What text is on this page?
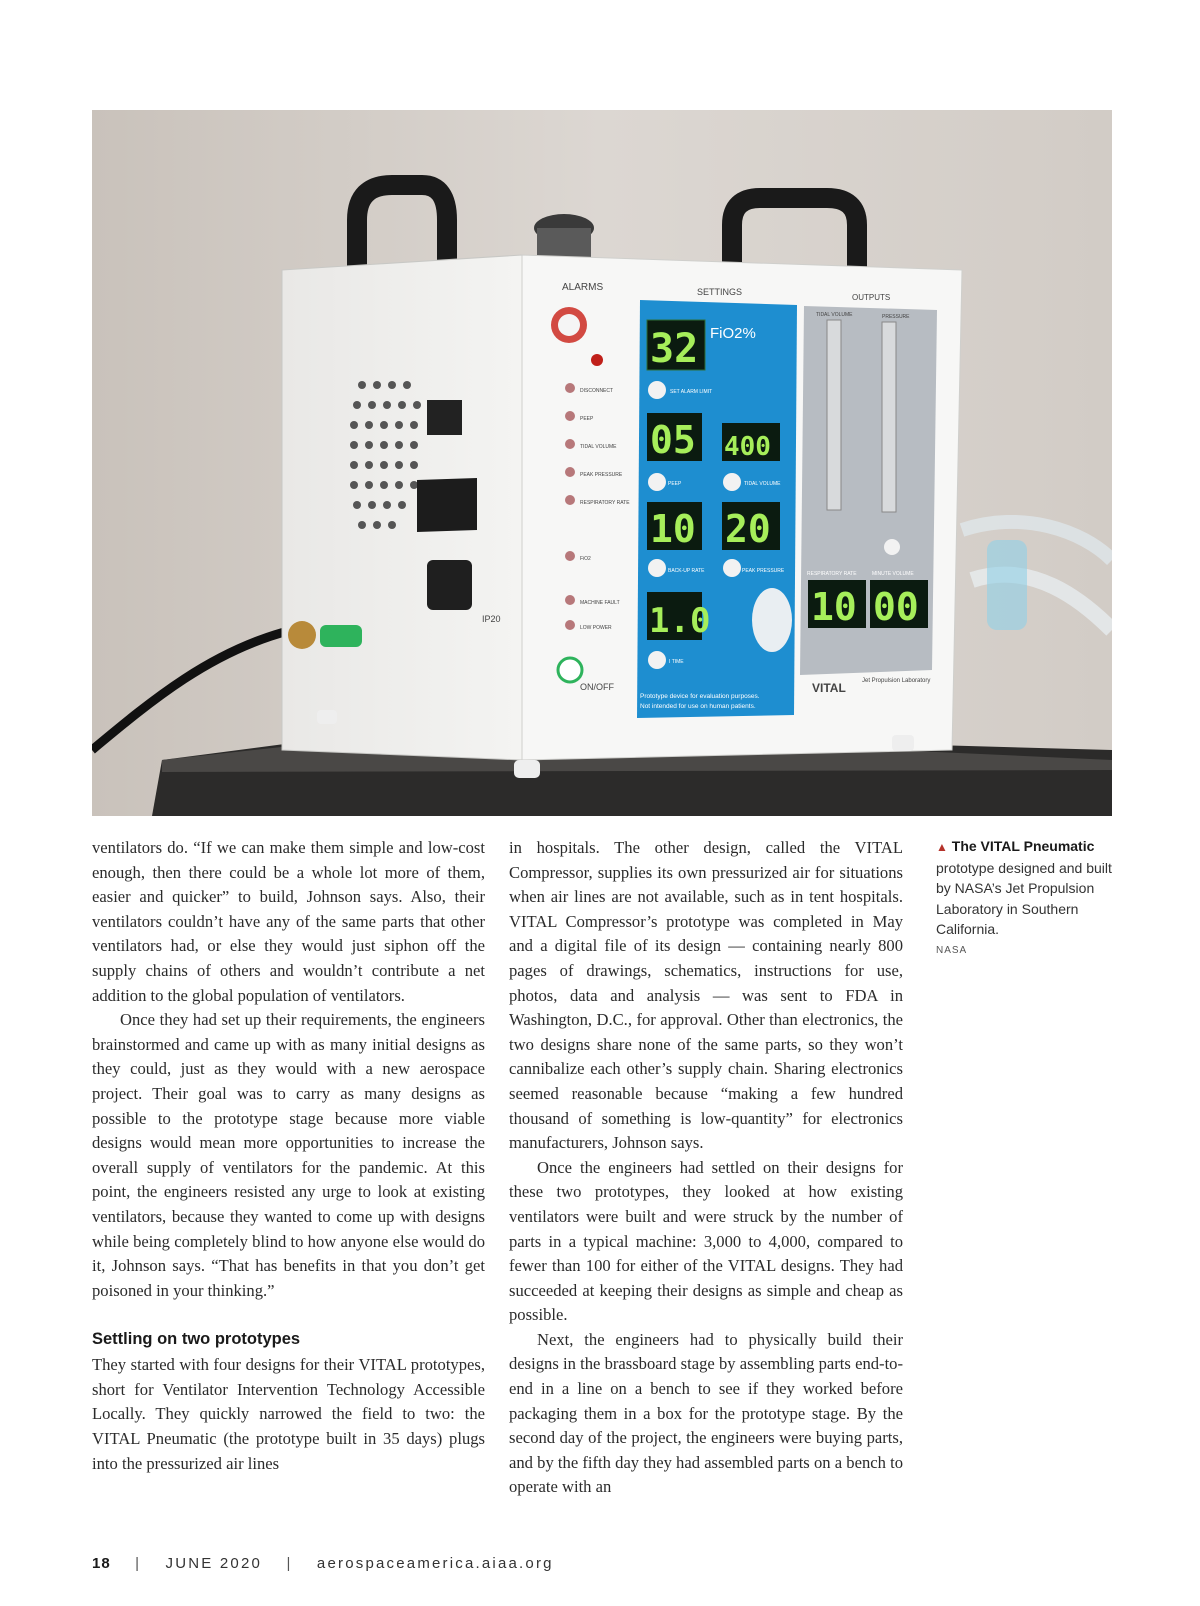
ALARMS	SETTINGS
OUTPUTS
TIDAL VOLUME	PRESSURE
FiO2%
ON/OFF
SET ALARM LIMIT
PEEP	TIDAL VOLUME
BACK-UP RATE	PEAK PRESSURE
I TIME
RESPIRATORY RATE	MINUTE VOLUME
Prototype device for evaluation purposes.
Not intended for use on human patients.
VITAL	Jet Propulsion Laboratory
IP20
DISCONNECT
PEEP
TIDAL VOLUME
PEAK PRESSURE
RESPIRATORY RATE
FiO2
MACHINE FAULT
LOW POWER
32
05 400
10 20
1.0	10 00

ventilators do. “If we can make them simple and low-cost enough, then there could be a whole lot more of them, easier and quicker” to build, Johnson says. Also, their ventilators couldn’t have any of the same parts that other ventilators had, or else they would just siphon off the supply chains of others and wouldn’t contribute a net addition to the global population of ventilators.

Once they had set up their requirements, the engineers brainstormed and came up with as many initial designs as they could, just as they would with a new aerospace project. Their goal was to carry as many designs as possible to the prototype stage because more viable designs would mean more opportunities to increase the overall supply of ventilators for the pandemic. At this point, the engineers resisted any urge to look at existing ventilators, because they wanted to come up with designs while being completely blind to how anyone else would do it, Johnson says. “That has benefits in that you don’t get poisoned in your thinking.”

Settling on two prototypes

They started with four designs for their VITAL prototypes, short for Ventilator Intervention Technology Accessible Locally. They quickly narrowed the field to two: the VITAL Pneumatic (the prototype built in 35 days) plugs into the pressurized air lines

in hospitals. The other design, called the VITAL Compressor, supplies its own pressurized air for situations when air lines are not available, such as in tent hospitals. VITAL Compressor’s prototype was completed in May and a digital file of its design — containing nearly 800 pages of drawings, schematics, instructions for use, photos, data and analysis — was sent to FDA in Washington, D.C., for approval. Other than electronics, the two designs share none of the same parts, so they won’t cannibalize each other’s supply chain. Sharing electronics seemed reasonable because “making a few hundred thousand of something is low-quantity” for electronics manufacturers, Johnson says.

Once the engineers had settled on their designs for these two prototypes, they looked at how existing ventilators were built and were struck by the number of parts in a typical machine: 3,000 to 4,000, compared to fewer than 100 for either of the VITAL designs. They had succeeded at keeping their designs as simple and cheap as possible.

Next, the engineers had to physically build their designs in the brassboard stage by assembling parts end-to-end in a line on a bench to see if they worked before packaging them in a box for the prototype stage. By the second day of the project, the engineers were buying parts, and by the fifth day they had assembled parts on a bench to operate with an

▲ The VITAL Pneumatic prototype designed and built by NASA’s Jet Propulsion Laboratory in Southern California.
NASA
18 | JUNE 2020 | aerospaceamerica.aiaa.org
